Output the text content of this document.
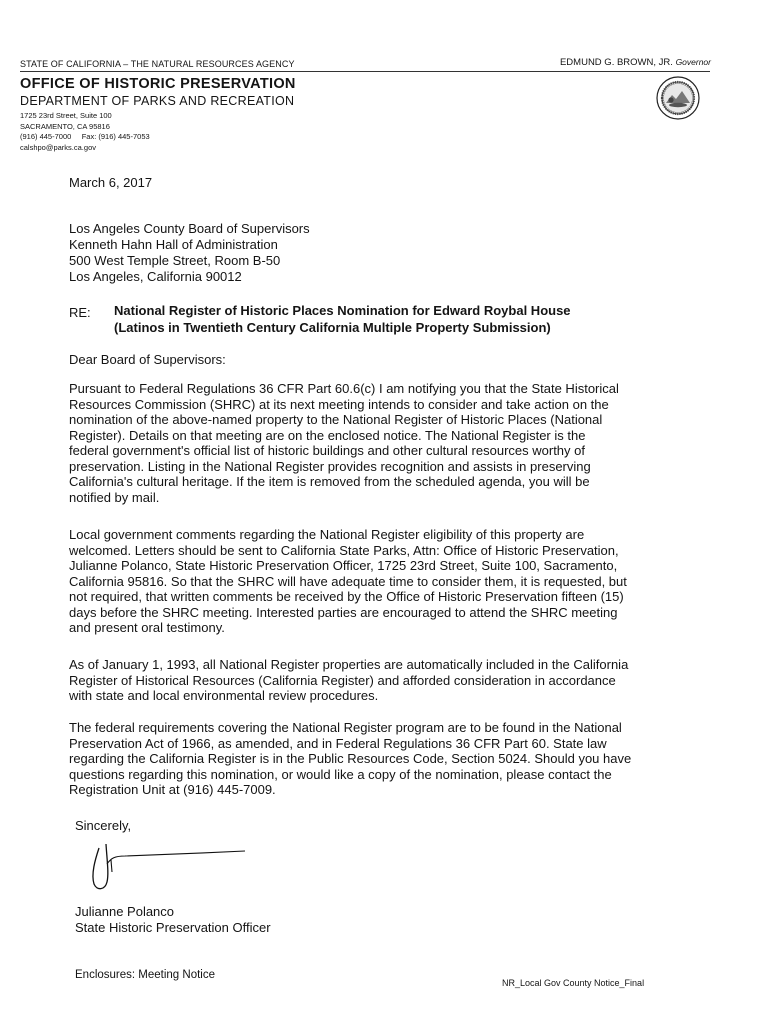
STATE OF CALIFORNIA – THE NATURAL RESOURCES AGENCY	EDMUND G. BROWN, JR. Governor
OFFICE OF HISTORIC PRESERVATION
DEPARTMENT OF PARKS AND RECREATION
1725 23rd Street, Suite 100
SACRAMENTO, CA 95816
(916) 445-7000     Fax: (916) 445-7053
calshpo@parks.ca.gov
March 6, 2017
Los Angeles County Board of Supervisors
Kenneth Hahn Hall of Administration
500 West Temple Street, Room B-50
Los Angeles, California 90012
RE: National Register of Historic Places Nomination for Edward Roybal House
(Latinos in Twentieth Century California Multiple Property Submission)
Dear Board of Supervisors:
Pursuant to Federal Regulations 36 CFR Part 60.6(c) I am notifying you that the State Historical
Resources Commission (SHRC) at its next meeting intends to consider and take action on the
nomination of the above-named property to the National Register of Historic Places (National
Register). Details on that meeting are on the enclosed notice. The National Register is the
federal government's official list of historic buildings and other cultural resources worthy of
preservation. Listing in the National Register provides recognition and assists in preserving
California's cultural heritage. If the item is removed from the scheduled agenda, you will be
notified by mail.
Local government comments regarding the National Register eligibility of this property are
welcomed. Letters should be sent to California State Parks, Attn: Office of Historic Preservation,
Julianne Polanco, State Historic Preservation Officer, 1725 23rd Street, Suite 100, Sacramento,
California 95816. So that the SHRC will have adequate time to consider them, it is requested, but
not required, that written comments be received by the Office of Historic Preservation fifteen (15)
days before the SHRC meeting. Interested parties are encouraged to attend the SHRC meeting
and present oral testimony.
As of January 1, 1993, all National Register properties are automatically included in the California
Register of Historical Resources (California Register) and afforded consideration in accordance
with state and local environmental review procedures.
The federal requirements covering the National Register program are to be found in the National
Preservation Act of 1966, as amended, and in Federal Regulations 36 CFR Part 60. State law
regarding the California Register is in the Public Resources Code, Section 5024. Should you have
questions regarding this nomination, or would like a copy of the nomination, please contact the
Registration Unit at (916) 445-7009.
Sincerely,
Julianne Polanco
State Historic Preservation Officer
Enclosures: Meeting Notice
NR_Local Gov County Notice_Final
